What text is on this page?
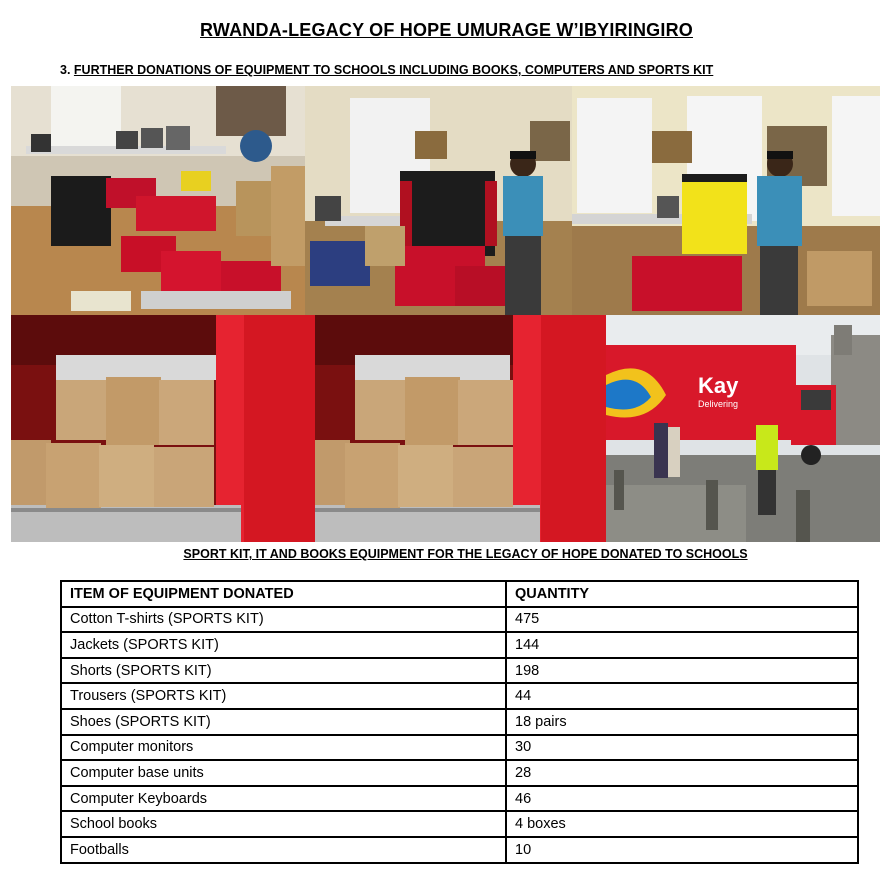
RWANDA-LEGACY OF HOPE UMURAGE W’IBYIRINGIRO
3. FURTHER DONATIONS OF EQUIPMENT TO SCHOOLS INCLUDING BOOKS, COMPUTERS AND SPORTS KIT
Kay
Delivering
SPORT KIT, IT AND BOOKS EQUIPMENT FOR THE LEGACY OF HOPE DONATED TO SCHOOLS
ITEM OF EQUIPMENT DONATED	QUANTITY
Cotton T-shirts (SPORTS KIT)	475
Jackets (SPORTS KIT)	144
Shorts (SPORTS KIT)	198
Trousers (SPORTS KIT)	44
Shoes (SPORTS KIT)	18 pairs
Computer monitors	30
Computer base units	28
Computer Keyboards	46
School books	4 boxes
Footballs	10
